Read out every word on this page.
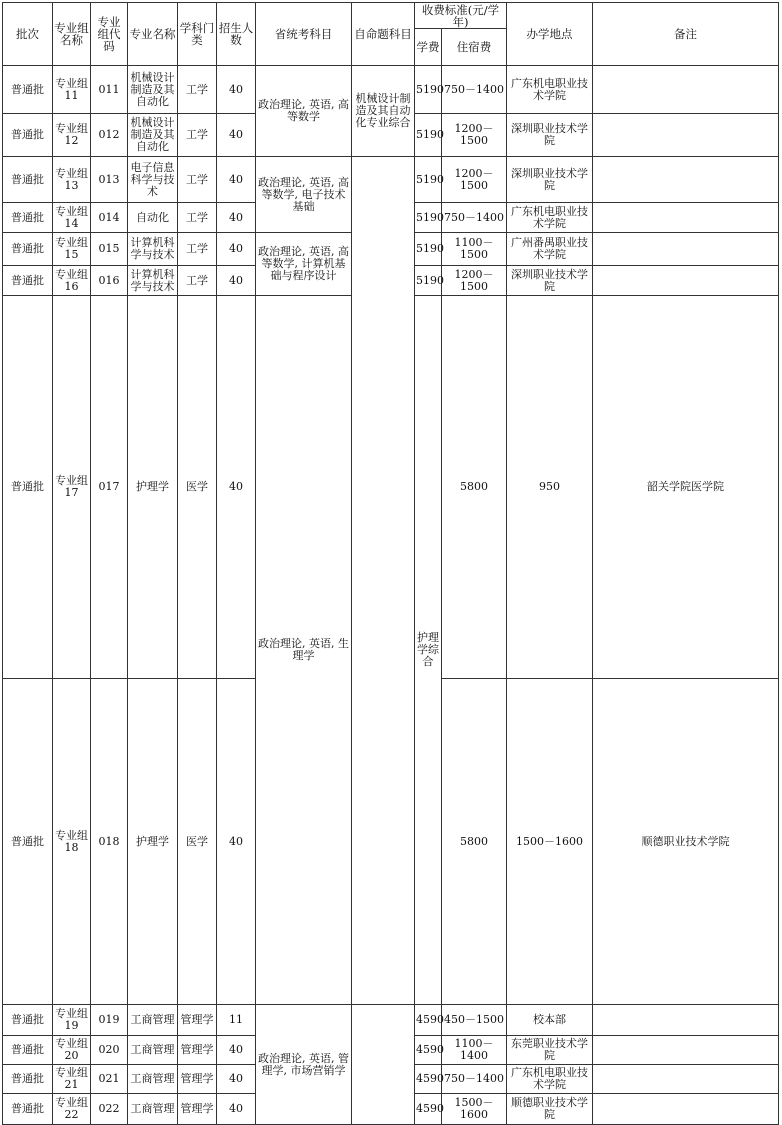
批次	专业组名称	专业组代码	专业名称	学科门类	招生人数	省统考科目	自命题科目	收费标准(元/学年)		办学地点	备注	
								学费	住宿费			
普通批	专业组11	011	机械设计制造及其自动化	工学	40	政治理论, 英语, 高等数学	机械设计制造及其自动化专业综合	5190	750－1400	广东机电职业技术学院		
普通批	专业组12	012	机械设计制造及其自动化	工学	40			5190	1200－1500	深圳职业技术学院		
普通批	专业组13	013	电子信息科学与技术	工学	40	政治理论, 英语, 高等数学, 电子技术基础		5190	1200－1500	深圳职业技术学院		
普通批	专业组14	014	自动化	工学	40			5190	750－1400	广东机电职业技术学院		
普通批	专业组15	015	计算机科学与技术	工学	40	政治理论, 英语, 高等数学, 计算机基础与程序设计		5190	1100－1500	广州番禺职业技术学院		
普通批	专业组16	016	计算机科学与技术	工学	40			5190	1200－1500	深圳职业技术学院		
普通批	专业组17	017	护理学	医学	40	政治理论, 英语, 生理学		护理学综合	5800	950	韶关学院医学院	
普通批	专业组18	018	护理学	医学	40				5800	1500－1600	顺德职业技术学院	
普通批	专业组19	019	工商管理	管理学	11	政治理论, 英语, 管理学, 市场营销学		4590	450－1500	校本部		
普通批	专业组20	020	工商管理	管理学	40			4590	1100－1400	东莞职业技术学院		
普通批	专业组21	021	工商管理	管理学	40			4590	750－1400	广东机电职业技术学院		
普通批	专业组22	022	工商管理	管理学	40			4590	1500－1600	顺德职业技术学院		
